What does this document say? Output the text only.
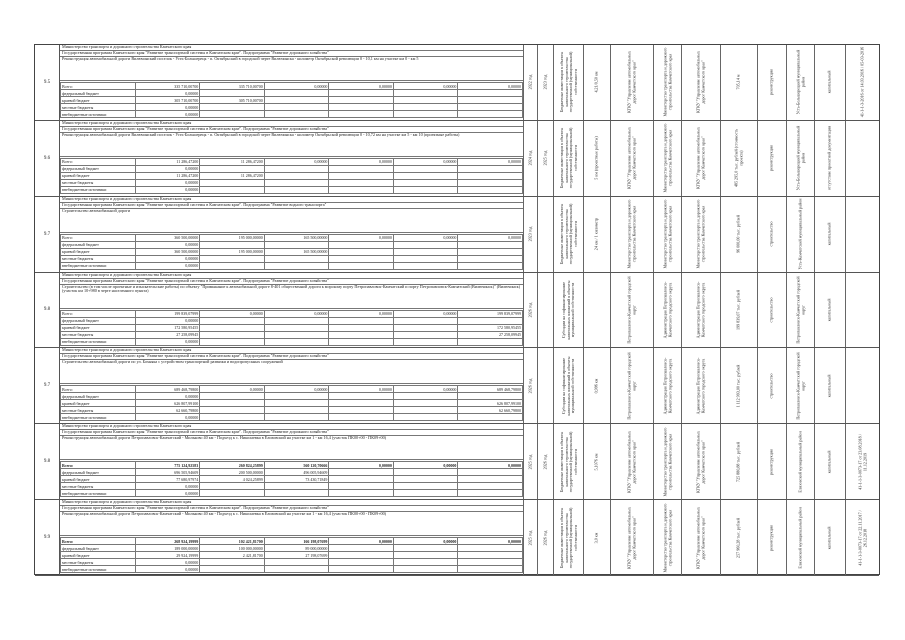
9.5
Министерство транспорта и дорожного строительства Камчатского края
Государственная программа Камчатского края "Развитие транспортной системы в Камчатском крае". Подпрограмма "Развитие дорожного хозяйства"
Реконструкция автомобильной дороги Вилючинский поселок - Усть-Большерецк - п. Октябрьский в городской черте Вилючинска - километр Октябрьской революции 0 - 10,1 км на участке км 0 - км 5
Всего:	335 710,00700	335 710,00700	0,00000	0,00000	0,00000	0,00000
федеральный бюджет	0,00000					
краевой бюджет	305 710,00700	305 710,00700				
местные бюджеты	0,00000					
внебюджетные источники	0,00000					
2022 год 2023 год	Бюджетные инвестиции в объекты капитального строительства государственной (муниципальной) собственности	4,21/0,50 км	КГКУ "Управление автомобильных дорог Камчатского края"	Министерство транспорта и дорожного строительства Камчатского края	КГКУ "Управление автомобильных дорог Камчатского края"	705,14 м	реконструкция	Усть-Большерецкий муниципальный район	капитальный	41-1-1-3-2016 от 14.03.2016 / 05-03-2016
9.6
Министерство транспорта и дорожного строительства Камчатского края
Государственная программа Камчатского края "Развитие транспортной системы в Камчатском крае". Подпрограмма "Развитие дорожного хозяйства"
Реконструкция автомобильной дороги Вилючинский поселок - Усть-Большерецк - п. Октябрьский в городской черте Вилючинска - километр Октябрьской революции 0 - 10,72 км на участке км 5 - км 10 (проектные работы)
Всего:	11 286,47200	11 286,47200	0,00000	0,00000	0,00000	0,00000
федеральный бюджет	0,00000					
краевой бюджет	11 286,47200	11 286,47200				
местные бюджеты	0,00000					
внебюджетные источники	0,00000					
2024 год 2025 год	Бюджетные инвестиции в объекты капитального строительства государственной (муниципальной) собственности	5 км (проектные работы)	КГКУ "Управление автомобильных дорог Камчатского края"	Министерство транспорта и дорожного строительства Камчатского края	КГКУ "Управление автомобильных дорог Камчатского края"	485 295,0 тыс. рублей (стоимость проекта)	реконструкция	Усть-Большерецкий муниципальный район	отсутствие проектной документации
9.7
Министерство транспорта и дорожного строительства Камчатского края
Государственная программа Камчатского края "Развитие транспортной системы в Камчатском крае". Подпрограмма "Развитие водного транспорта"
Строительство автомобильной дороги
Всего:	360 500,00000	195 000,00000	165 500,00000	0,00000	0,00000	0,00000
федеральный бюджет	0,00000					
краевой бюджет	360 500,00000	195 000,00000	165 500,00000			
местные бюджеты	0,00000					
внебюджетные источники	0,00000					
2023 год	Бюджетные инвестиции в объекты капитального строительства государственной (муниципальной) собственности	24 км / 1 километр	Министерство транспорта и дорожного строительства Камчатского края	Министерство транспорта и дорожного строительства Камчатского края	Министерство транспорта и дорожного строительства Камчатского края	96 000,00 тыс. рублей	строительство	Усть-Камчатский муниципальный район	капитальный
9.8
Министерство транспорта и дорожного строительства Камчатского края
Государственная программа Камчатского края "Развитие транспортной системы в Камчатском крае". Подпрограмма "Развитие дорожного хозяйства"
Строительство (в том числе проектные и изыскательские работы) по объекту "Примыкание к автомобильной дороге 8-401 общественной дороги к морскому порту Петропавловск-Камчатский и порту Петропавловск-Камчатский (Вилючинск)" (Вилючинск) (участок км 10+980 в черте населенного пункта)
Всего:	199 839,07999	0,00000	0,00000	0,00000	0,00000	199 839,07999
федеральный бюджет	0,00000					
краевой бюджет	172 580,95455					172 580,95455
местные бюджеты	27 258,09945					27 258,09945
внебюджетные источники	0,00000					
2026 год	Субсидии на софинансирование капитальных вложений в объекты муниципальной собственности	Петропавловск-Камчатский городской округ	Администрация Петропавловск-Камчатского городского округа	Администрация Петропавловск-Камчатского городского округа	199 839,07 тыс. рублей	строительство	Петропавловск-Камчатский городской округ	капитальный
9.7
Министерство транспорта и дорожного строительства Камчатского края
Государственная программа Камчатского края "Развитие транспортной системы в Камчатском крае". Подпрограмма "Развитие дорожного хозяйства"
Строительство автомобильной дороги по ул. Бохняка с устройством транспортной развязки и водопропускных сооружений
Всего:	689 468,79800	0,00000	0,00000	0,00000	0,00000	689 468,79800
федеральный бюджет	0,00000					
краевой бюджет	626 807,99100					626 807,99100
местные бюджеты	62 660,79800					62 660,79800
внебюджетные источники	0,00000					
2026 год	Субсидии на софинансирование капитальных вложений в объекты муниципальной собственности	0,996 км	Петропавловск-Камчатский городской округ	Администрация Петропавловск-Камчатского городского округа	Администрация Петропавловск-Камчатского городского округа	1 112 993,00 тыс. рублей	строительство	Петропавловск-Камчатский городской округ	капитальный
9.8
Министерство транспорта и дорожного строительства Камчатского края
Государственная программа Камчатского края "Развитие транспортной системы в Камчатском крае". Подпрограмма "Развитие дорожного хозяйства"
Реконструкция автомобильной дороги Петропавловск-Камчатский - Мильково 40 км - Подъезд к с. Николаевка в Елизовский на участке км 1 - км 16,4 (участок ПК00+00 - ПК09+00)
Всего:	775 124,92583	260 824,25899	560 120,70666	0,00000	0,00000	0,00000
федеральный бюджет	696 505,94609	200 500,00000	496 005,94609			
краевой бюджет	77 680,97974	4 024,25899	73 430,71849			
местные бюджеты	0,00000					
внебюджетные источники	0,00000					
2025 год 2026 год	Бюджетные инвестиции в объекты капитального строительства государственной (муниципальной) собственности	5,1076 км	КГКУ "Управление автомобильных дорог Камчатского края"	Министерство транспорта и дорожного строительства Камчатского края	КГКУ "Управление автомобильных дорог Камчатского края"	725 880,88 тыс. рублей	реконструкция	Елизовский муниципальный район	капитальный	41-1-1-3-0073-17 от 23.08.2018 / 11.12.2019
9.9
Министерство транспорта и дорожного строительства Камчатского края
Государственная программа Камчатского края "Развитие транспортной системы в Камчатском крае". Подпрограмма "Развитие дорожного хозяйства"
Реконструкция автомобильной дороги Петропавловск-Камчатский - Мильково 40 км - Подъезд к с. Николаевка в Елизовский на участке км 1 - км 16,4 (участок ПК00+00 - ПК09+00)
Всего:	268 924,19999	102 421,81700	166 198,07699	0,00000	0,00000	0,00000
федеральный бюджет	189 000,00000	100 000,00000	89 000,00000			
краевой бюджет	29 924,19999	2 421,81700	27 198,07699			
местные бюджеты	0,00000					
внебюджетные источники	0,00000					
2025 год 2026 год	Бюджетные инвестиции в объекты капитального строительства государственной (муниципальной) собственности	3,0 км	КГКУ "Управление автомобильных дорог Камчатского края"	Министерство транспорта и дорожного строительства Камчатского края	КГКУ "Управление автомобильных дорог Камчатского края"	257 960,28 тыс. рублей	реконструкция	Елизовский муниципальный район	капитальный	41-1-1-3-0073-17 от 22.11.2017 / 26.12.2018
